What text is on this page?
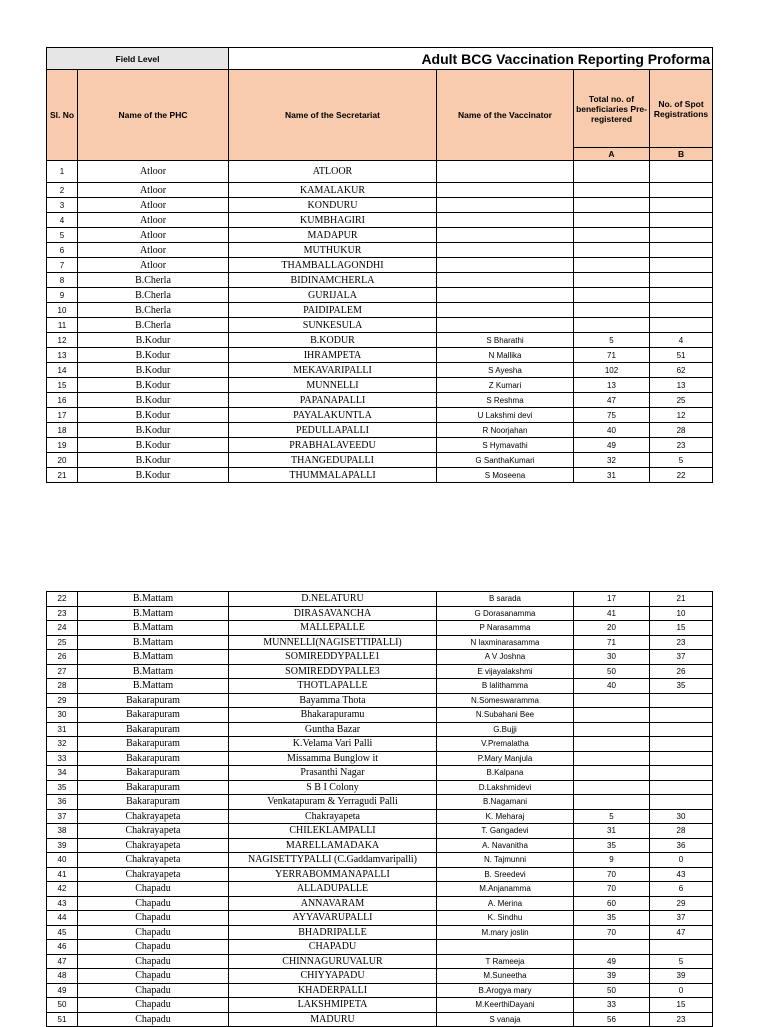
Field Level		Adult BCG Vaccination Reporting Proforma			
Sl. No	Name of the PHC	Name of the Secretariat	Name of the Vaccinator	Total no. of beneficiaries Pre-registered	No. of Spot Registrations
				A	B
1	Atloor	ATLOOR			
2	Atloor	KAMALAKUR			
3	Atloor	KONDURU			
4	Atloor	KUMBHAGIRI			
5	Atloor	MADAPUR			
6	Atloor	MUTHUKUR			
7	Atloor	THAMBALLAGONDHI			
8	B.Cherla	BIDINAMCHERLA			
9	B.Cherla	GURIJALA			
10	B.Cherla	PAIDIPALEM			
11	B.Cherla	SUNKESULA			
12	B.Kodur	B.KODUR	S Bharathi	5	4
13	B.Kodur	IHRAMPETA	N Mallika	71	51
14	B.Kodur	MEKAVARIPALLI	S Ayesha	102	62
15	B.Kodur	MUNNELLI	Z Kumari	13	13
16	B.Kodur	PAPANAPALLI	S Reshma	47	25
17	B.Kodur	PAYALAKUNTLA	U Lakshmi devi	75	12
18	B.Kodur	PEDULLAPALLI	R Noorjahan	40	28
19	B.Kodur	PRABHALAVEEDU	S Hymavathi	49	23
20	B.Kodur	THANGEDUPALLI	G SanthaKumari	32	5
21	B.Kodur	THUMMALAPALLI	S Moseena	31	22
22	B.Mattam	D.NELATURU	B sarada	17	21
23	B.Mattam	DIRASAVANCHA	G Dorasanamma	41	10
24	B.Mattam	MALLEPALLE	P Narasamma	20	15
25	B.Mattam	MUNNELLI(NAGISETTIPALLI)	N laxminarasamma	71	23
26	B.Mattam	SOMIREDDYPALLE1	A V Joshna	30	37
27	B.Mattam	SOMIREDDYPALLE3	E vijayalakshmi	50	26
28	B.Mattam	THOTLAPALLE	B lalithamma	40	35
29	Bakarapuram	Bayamma Thota	N.Someswaramma		
30	Bakarapuram	Bhakarapuramu	N.Subahani Bee		
31	Bakarapuram	Guntha Bazar	G.Bujji		
32	Bakarapuram	K.Velama Vari Palli	V.Premalatha		
33	Bakarapuram	Missamma Bunglow it	P.Mary Manjula		
34	Bakarapuram	Prasanthi Nagar	B.Kalpana		
35	Bakarapuram	S B I Colony	D.Lakshmidevi		
36	Bakarapuram	Venkatapuram & Yerragudi Palli	B.Nagamani		
37	Chakrayapeta	Chakrayapeta	K. Meharaj	5	30
38	Chakrayapeta	CHILEKLAMPALLI	T. Gangadevi	31	28
39	Chakrayapeta	MARELLAMADAKA	A. Navanitha	35	36
40	Chakrayapeta	NAGISETTYPALLI (C.Gaddamvaripalli)	N. Tajmunni	9	0
41	Chakrayapeta	YERRABOMMANAPALLI	B. Sreedevi	70	43
42	Chapadu	ALLADUPALLE	M.Anjanamma	70	6
43	Chapadu	ANNAVARAM	A. Merina	60	29
44	Chapadu	AYYAVARUPALLI	K. Sindhu	35	37
45	Chapadu	BHADRIPALLE	M.mary joslin	70	47
46	Chapadu	CHAPADU			
47	Chapadu	CHINNAGURUVALUR	T Rameeja	49	5
48	Chapadu	CHIYYAPADU	M.Suneetha	39	39
49	Chapadu	KHADERPALLI	B.Arogya mary	50	0
50	Chapadu	LAKSHMIPETA	M.KeerthiDayani	33	15
51	Chapadu	MADURU	S vanaja	56	23
